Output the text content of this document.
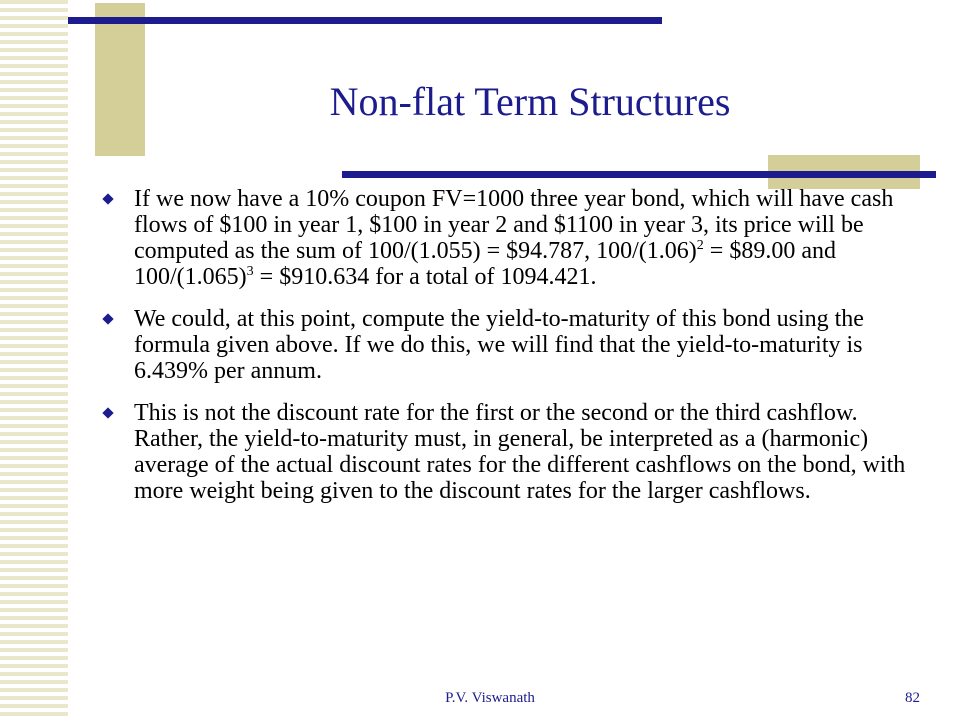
Non-flat Term Structures
If we now have a 10% coupon FV=1000 three year bond, which will have cash flows of $100 in year 1, $100 in year 2 and $1100 in year 3, its price will be computed as the sum of 100/(1.055) = $94.787, $100/(1.06)^2$ = $89.00 and $100/(1.065)^3$ = $910.634 for a total of 1094.421.
We could, at this point, compute the yield-to-maturity of this bond using the formula given above. If we do this, we will find that the yield-to-maturity is 6.439% per annum.
This is not the discount rate for the first or the second or the third cashflow. Rather, the yield-to-maturity must, in general, be interpreted as a (harmonic) average of the actual discount rates for the different cashflows on the bond, with more weight being given to the discount rates for the larger cashflows.
P.V. Viswanath	82
